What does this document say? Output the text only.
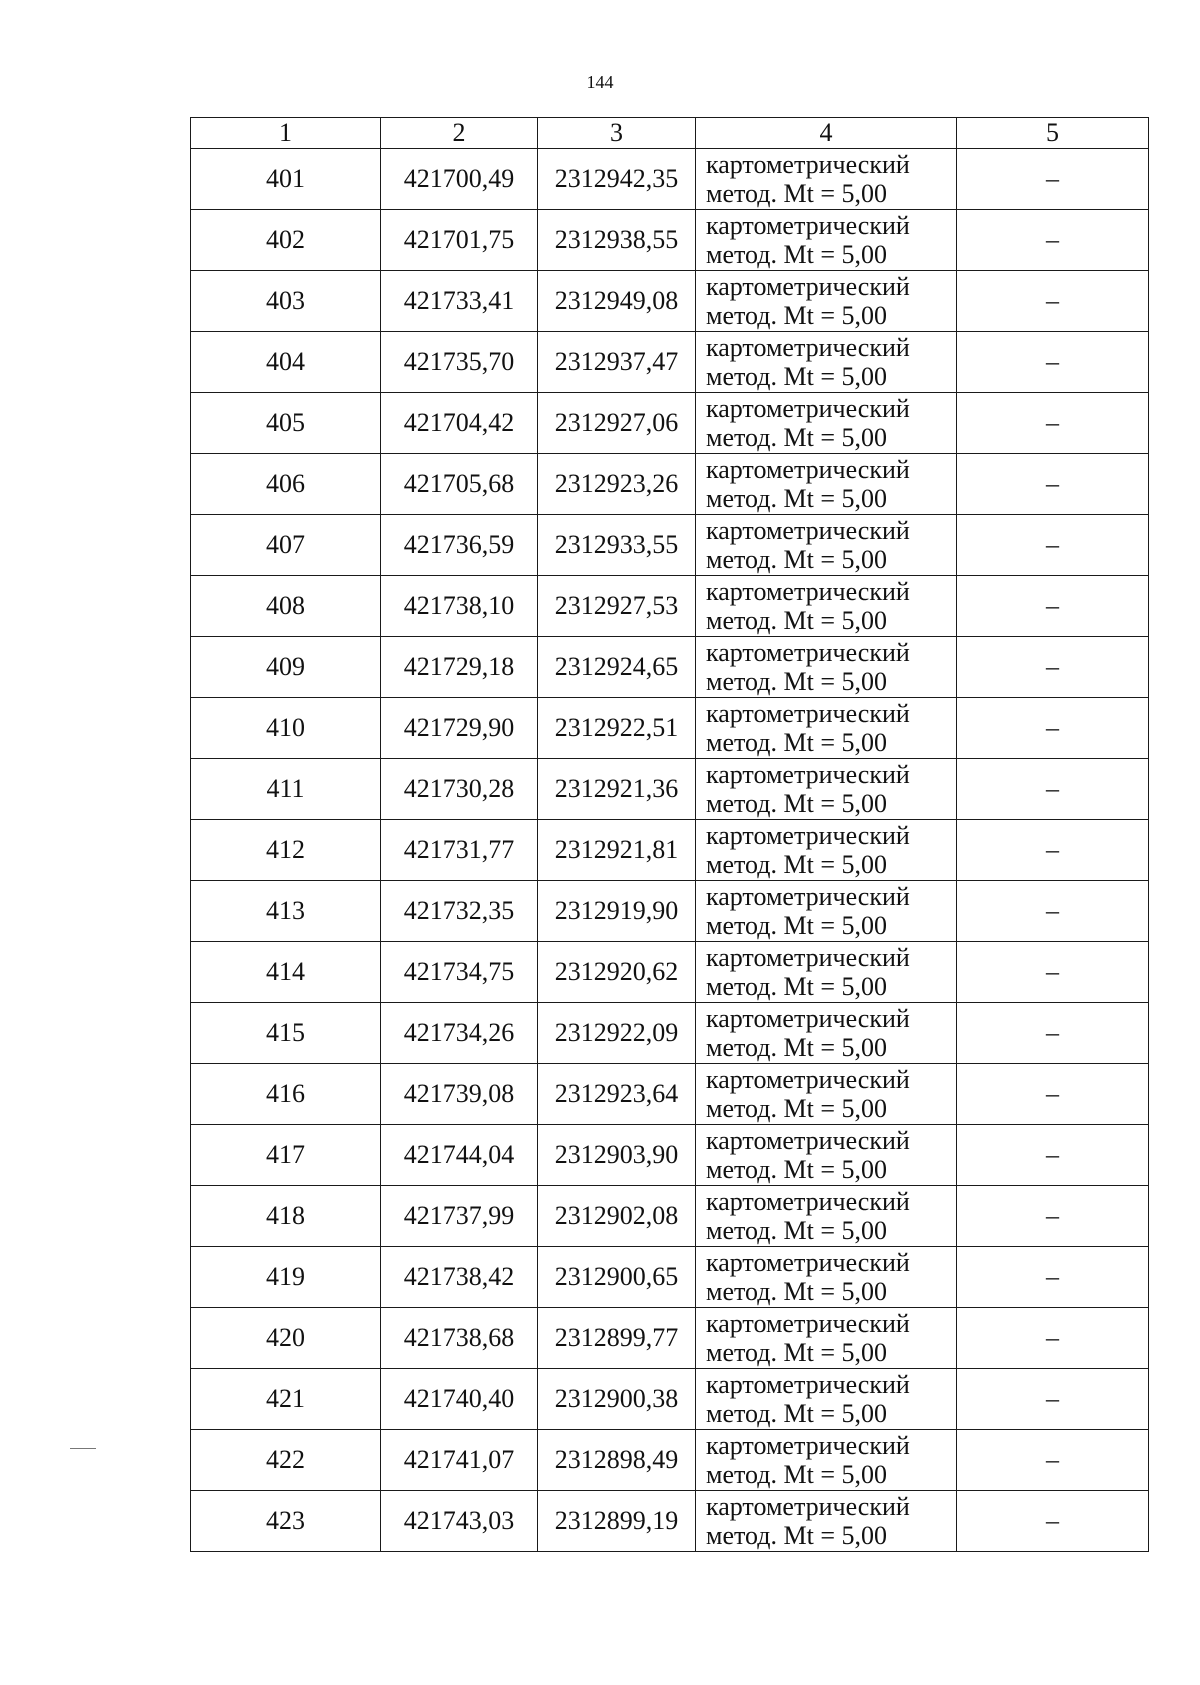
144
1	2	3	4	5
401	421700,49	2312942,35	картометрический
метод. Mt = 5,00	–
402	421701,75	2312938,55	картометрический
метод. Mt = 5,00	–
403	421733,41	2312949,08	картометрический
метод. Mt = 5,00	–
404	421735,70	2312937,47	картометрический
метод. Mt = 5,00	–
405	421704,42	2312927,06	картометрический
метод. Mt = 5,00	–
406	421705,68	2312923,26	картометрический
метод. Mt = 5,00	–
407	421736,59	2312933,55	картометрический
метод. Mt = 5,00	–
408	421738,10	2312927,53	картометрический
метод. Mt = 5,00	–
409	421729,18	2312924,65	картометрический
метод. Mt = 5,00	–
410	421729,90	2312922,51	картометрический
метод. Mt = 5,00	–
411	421730,28	2312921,36	картометрический
метод. Mt = 5,00	–
412	421731,77	2312921,81	картометрический
метод. Mt = 5,00	–
413	421732,35	2312919,90	картометрический
метод. Mt = 5,00	–
414	421734,75	2312920,62	картометрический
метод. Mt = 5,00	–
415	421734,26	2312922,09	картометрический
метод. Mt = 5,00	–
416	421739,08	2312923,64	картометрический
метод. Mt = 5,00	–
417	421744,04	2312903,90	картометрический
метод. Mt = 5,00	–
418	421737,99	2312902,08	картометрический
метод. Mt = 5,00	–
419	421738,42	2312900,65	картометрический
метод. Mt = 5,00	–
420	421738,68	2312899,77	картометрический
метод. Mt = 5,00	–
421	421740,40	2312900,38	картометрический
метод. Mt = 5,00	–
422	421741,07	2312898,49	картометрический
метод. Mt = 5,00	–
423	421743,03	2312899,19	картометрический
метод. Mt = 5,00	–
